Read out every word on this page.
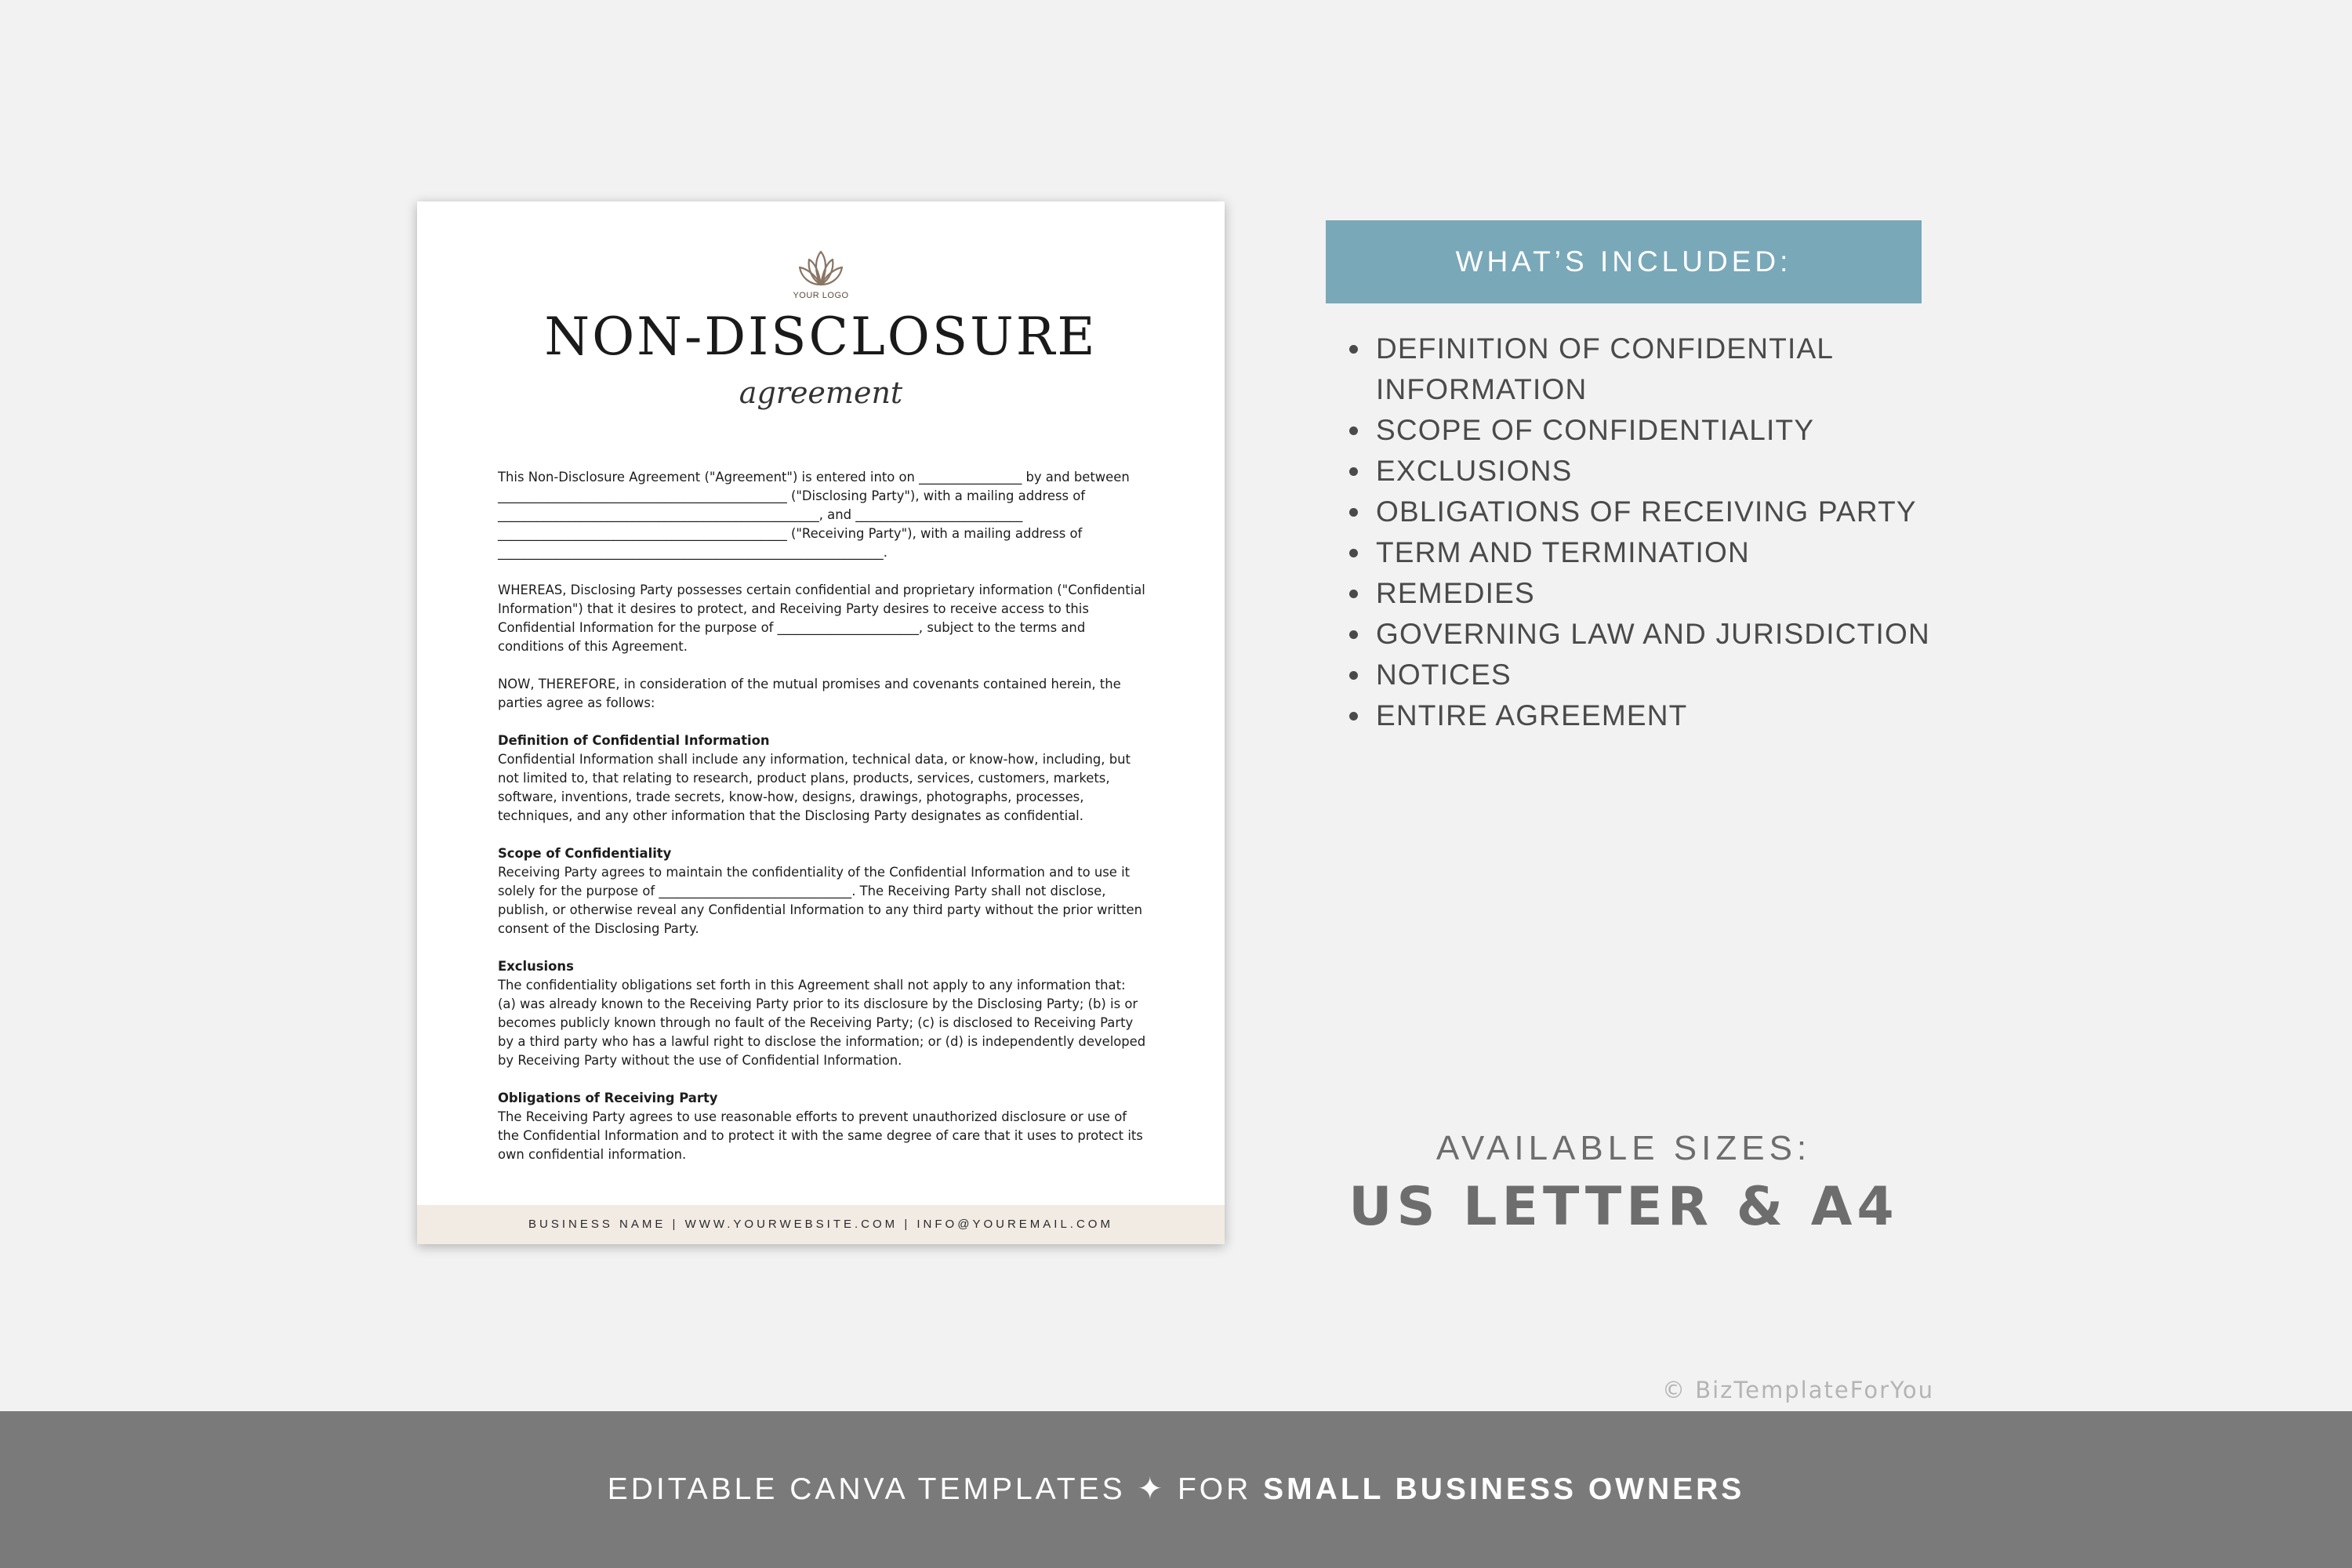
YOUR LOGO
NON-DISCLOSURE
agreement

This Non-Disclosure Agreement ("Agreement") is entered into on ________________ by and between _____________________________________________ ("Disclosing Party"), with a mailing address of __________________________________________________, and __________________________ _____________________________________________ ("Receiving Party"), with a mailing address of ____________________________________________________________.

WHEREAS, Disclosing Party possesses certain confidential and proprietary information ("Confidential Information") that it desires to protect, and Receiving Party desires to receive access to this Confidential Information for the purpose of ______________________, subject to the terms and conditions of this Agreement.

NOW, THEREFORE, in consideration of the mutual promises and covenants contained herein, the parties agree as follows:

Definition of Confidential Information
Confidential Information shall include any information, technical data, or know-how, including, but not limited to, that relating to research, product plans, products, services, customers, markets, software, inventions, trade secrets, know-how, designs, drawings, photographs, processes, techniques, and any other information that the Disclosing Party designates as confidential.
Scope of Confidentiality
Receiving Party agrees to maintain the confidentiality of the Confidential Information and to use it solely for the purpose of ______________________________. The Receiving Party shall not disclose, publish, or otherwise reveal any Confidential Information to any third party without the prior written consent of the Disclosing Party.
Exclusions
The confidentiality obligations set forth in this Agreement shall not apply to any information that: (a) was already known to the Receiving Party prior to its disclosure by the Disclosing Party; (b) is or becomes publicly known through no fault of the Receiving Party; (c) is disclosed to Receiving Party by a third party who has a lawful right to disclose the information; or (d) is independently developed by Receiving Party without the use of Confidential Information.
Obligations of Receiving Party
The Receiving Party agrees to use reasonable efforts to prevent unauthorized disclosure or use of the Confidential Information and to protect it with the same degree of care that it uses to protect its own confidential information.
BUSINESS NAME | WWW.YOURWEBSITE.COM | INFO@YOUREMAIL.COM
WHAT’S INCLUDED:
DEFINITION OF CONFIDENTIAL INFORMATION
SCOPE OF CONFIDENTIALITY
EXCLUSIONS
OBLIGATIONS OF RECEIVING PARTY
TERM AND TERMINATION
REMEDIES
GOVERNING LAW AND JURISDICTION
NOTICES
ENTIRE AGREEMENT
AVAILABLE SIZES:
US LETTER & A4
© BizTemplateForYou
EDITABLE CANVA TEMPLATES ✦ FOR SMALL BUSINESS OWNERS
